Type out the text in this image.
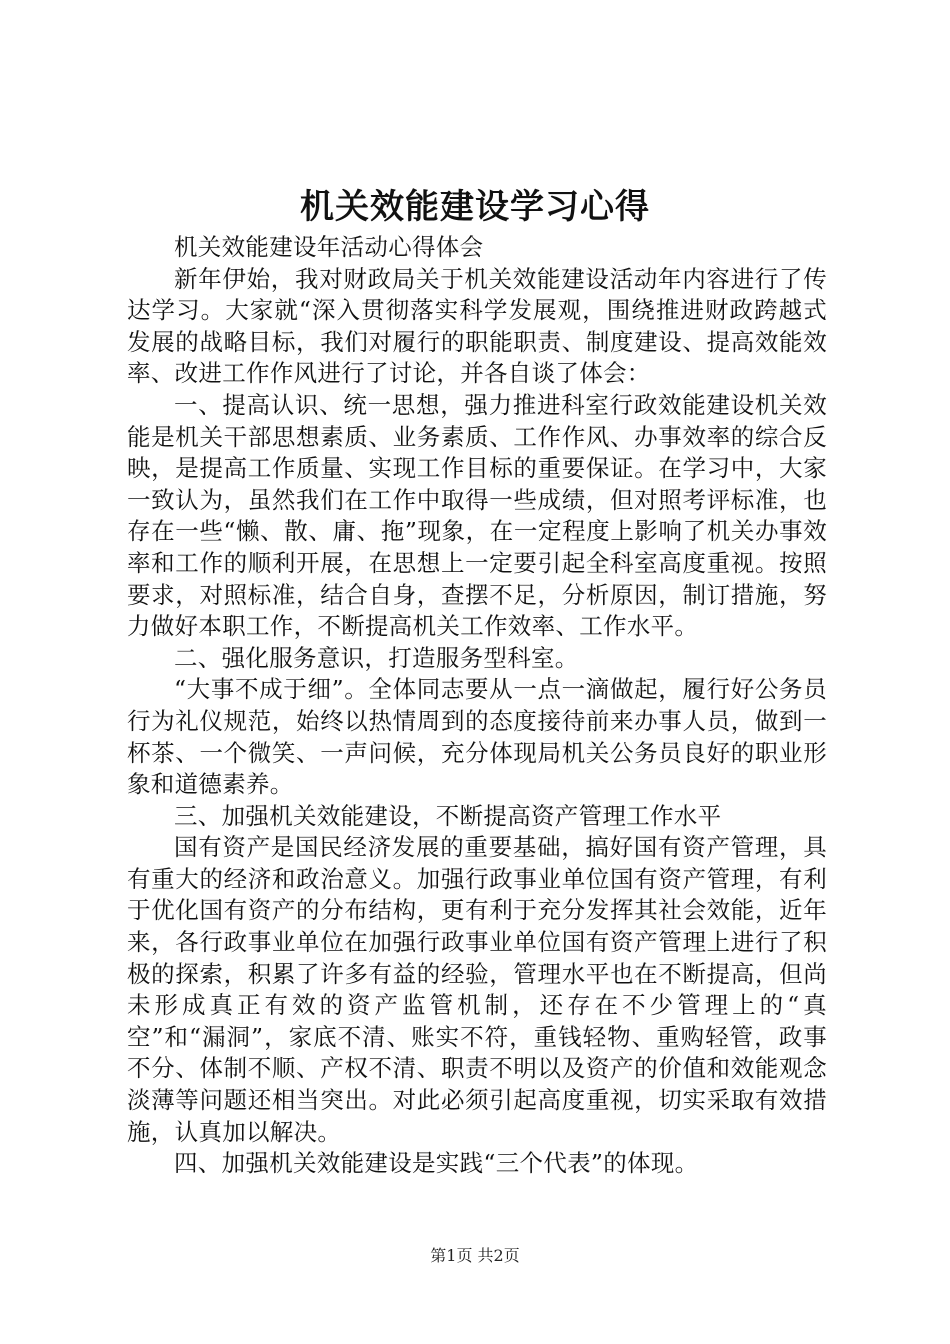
机关效能建设学习心得

机关效能建设年活动心得体会

新年伊始，我对财政局关于机关效能建设活动年内容进行了传达学习。大家就“深入贯彻落实科学发展观，围绕推进财政跨越式发展的战略目标，我们对履行的职能职责、制度建设、提高效能效率、改进工作作风进行了讨论，并各自谈了体会：

一、提高认识、统一思想，强力推进科室行政效能建设机关效能是机关干部思想素质、业务素质、工作作风、办事效率的综合反映，是提高工作质量、实现工作目标的重要保证。在学习中，大家一致认为，虽然我们在工作中取得一些成绩，但对照考评标准，也存在一些“懒、散、庸、拖”现象，在一定程度上影响了机关办事效率和工作的顺利开展，在思想上一定要引起全科室高度重视。按照要求，对照标准，结合自身，查摆不足，分析原因，制订措施，努力做好本职工作，不断提高机关工作效率、工作水平。

二、强化服务意识，打造服务型科室。

“大事不成于细”。全体同志要从一点一滴做起，履行好公务员行为礼仪规范，始终以热情周到的态度接待前来办事人员，做到一杯茶、一个微笑、一声问候，充分体现局机关公务员良好的职业形象和道德素养。

三、加强机关效能建设，不断提高资产管理工作水平

国有资产是国民经济发展的重要基础，搞好国有资产管理，具有重大的经济和政治意义。加强行政事业单位国有资产管理，有利于优化国有资产的分布结构，更有利于充分发挥其社会效能，近年来，各行政事业单位在加强行政事业单位国有资产管理上进行了积极的探索，积累了许多有益的经验，管理水平也在不断提高，但尚未形成真正有效的资产监管机制，还存在不少管理上的“真空”和“漏洞”，家底不清、账实不符，重钱轻物、重购轻管，政事不分、体制不顺、产权不清、职责不明以及资产的价值和效能观念淡薄等问题还相当突出。对此必须引起高度重视，切实采取有效措施，认真加以解决。

四、加强机关效能建设是实践“三个代表”的体现。

第1页 共2页
